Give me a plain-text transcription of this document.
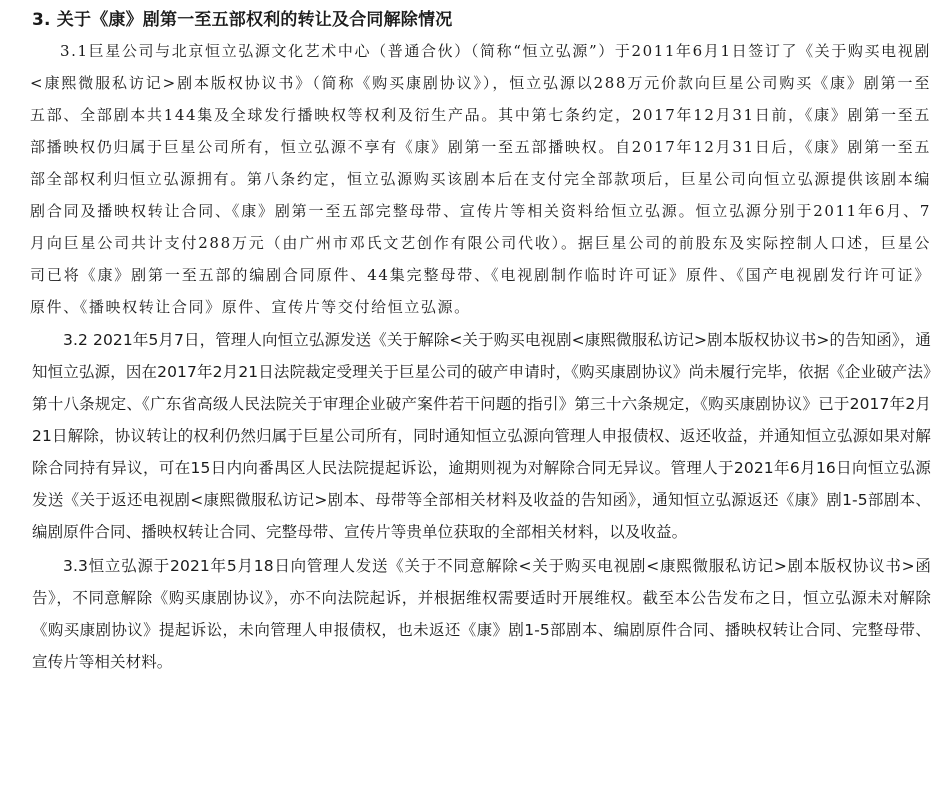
3. 关于《康》剧第一至五部权利的转让及合同解除情况

3.1巨星公司与北京恒立弘源文化艺术中心（普通合伙）（简称“恒立弘源”）于2011年6月1日签订了《关于购买电视剧<康熙微服私访记>剧本版权协议书》（简称《购买康剧协议》），恒立弘源以288万元价款向巨星公司购买《康》剧第一至五部、全部剧本共144集及全球发行播映权等权利及衍生产品。其中第七条约定，2017年12月31日前，《康》剧第一至五部播映权仍归属于巨星公司所有，恒立弘源不享有《康》剧第一至五部播映权。自2017年12月31日后，《康》剧第一至五部全部权利归恒立弘源拥有。第八条约定，恒立弘源购买该剧本后在支付完全部款项后，巨星公司向恒立弘源提供该剧本编剧合同及播映权转让合同、《康》剧第一至五部完整母带、宣传片等相关资料给恒立弘源。恒立弘源分别于2011年6月、7月向巨星公司共计支付288万元（由广州市邓氏文艺创作有限公司代收）。据巨星公司的前股东及实际控制人口述，巨星公司已将《康》剧第一至五部的编剧合同原件、44集完整母带、《电视剧制作临时许可证》原件、《国产电视剧发行许可证》原件、《播映权转让合同》原件、宣传片等交付给恒立弘源。

3.2 2021年5月7日，管理人向恒立弘源发送《关于解除<关于购买电视剧<康熙微服私访记>剧本版权协议书>的告知函》，通知恒立弘源，因在2017年2月21日法院裁定受理关于巨星公司的破产申请时，《购买康剧协议》尚未履行完毕，依据《企业破产法》第十八条规定、《广东省高级人民法院关于审理企业破产案件若干问题的指引》第三十六条规定，《购买康剧协议》已于2017年2月21日解除，协议转让的权利仍然归属于巨星公司所有，同时通知恒立弘源向管理人申报债权、返还收益，并通知恒立弘源如果对解除合同持有异议，可在15日内向番禺区人民法院提起诉讼，逾期则视为对解除合同无异议。管理人于2021年6月16日向恒立弘源发送《关于返还电视剧<康熙微服私访记>剧本、母带等全部相关材料及收益的告知函》，通知恒立弘源返还《康》剧1-5部剧本、编剧原件合同、播映权转让合同、完整母带、宣传片等贵单位获取的全部相关材料，以及收益。

3.3恒立弘源于2021年5月18日向管理人发送《关于不同意解除<关于购买电视剧<康熙微服私访记>剧本版权协议书>函告》，不同意解除《购买康剧协议》，亦不向法院起诉，并根据维权需要适时开展维权。截至本公告发布之日，恒立弘源未对解除《购买康剧协议》提起诉讼，未向管理人申报债权，也未返还《康》剧1-5部剧本、编剧原件合同、播映权转让合同、完整母带、宣传片等相关材料。
